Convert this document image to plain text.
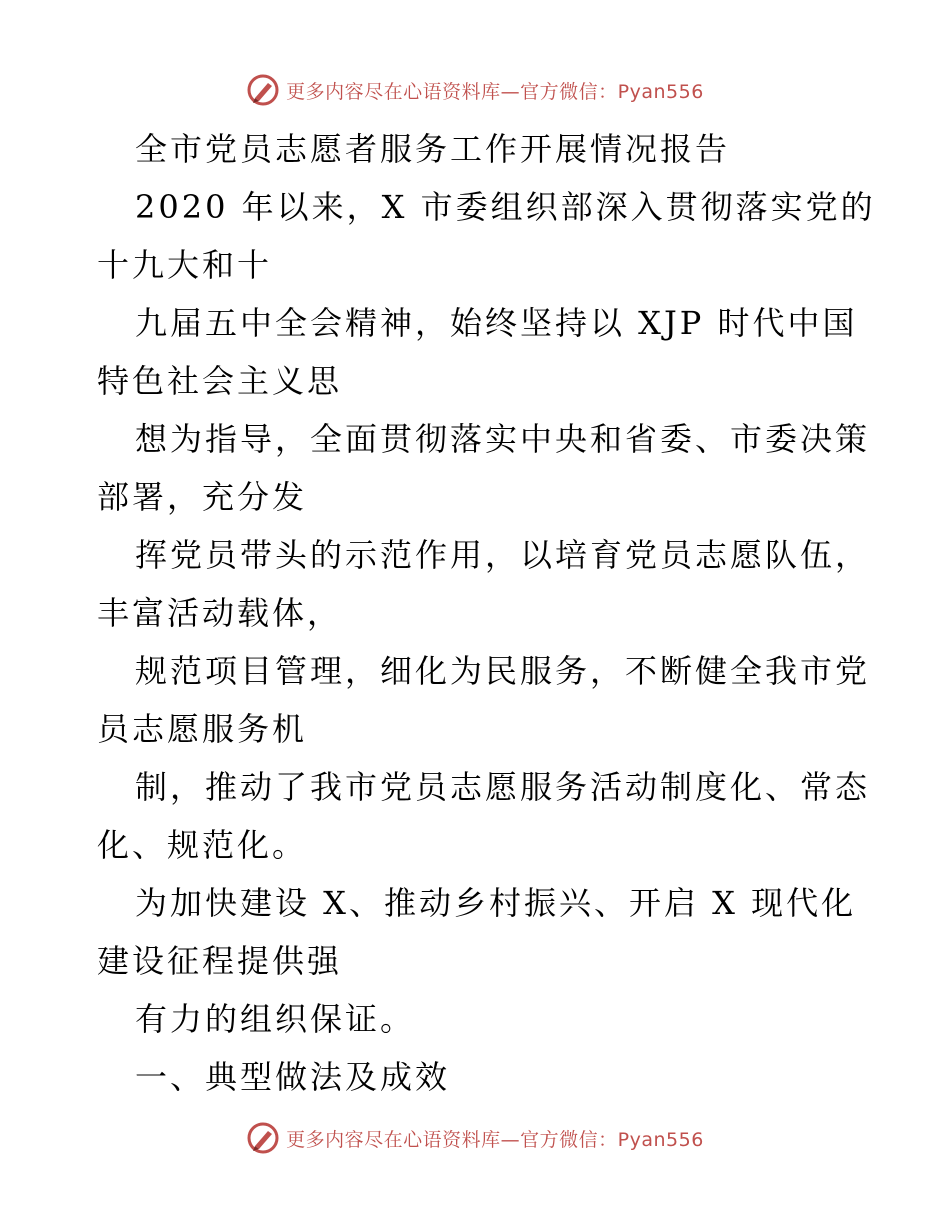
更多内容尽在心语资料库—官方微信：Pyan556
全市党员志愿者服务工作开展情况报告
2020 年以来，X 市委组织部深入贯彻落实党的
十九大和十
九届五中全会精神，始终坚持以 XJP 时代中国
特色社会主义思
想为指导，全面贯彻落实中央和省委、市委决策
部署，充分发
挥党员带头的示范作用，以培育党员志愿队伍，
丰富活动载体，
规范项目管理，细化为民服务，不断健全我市党
员志愿服务机
制，推动了我市党员志愿服务活动制度化、常态
化、规范化。
为加快建设 X、推动乡村振兴、开启 X 现代化
建设征程提供强
有力的组织保证。
一、典型做法及成效
更多内容尽在心语资料库—官方微信：Pyan556
